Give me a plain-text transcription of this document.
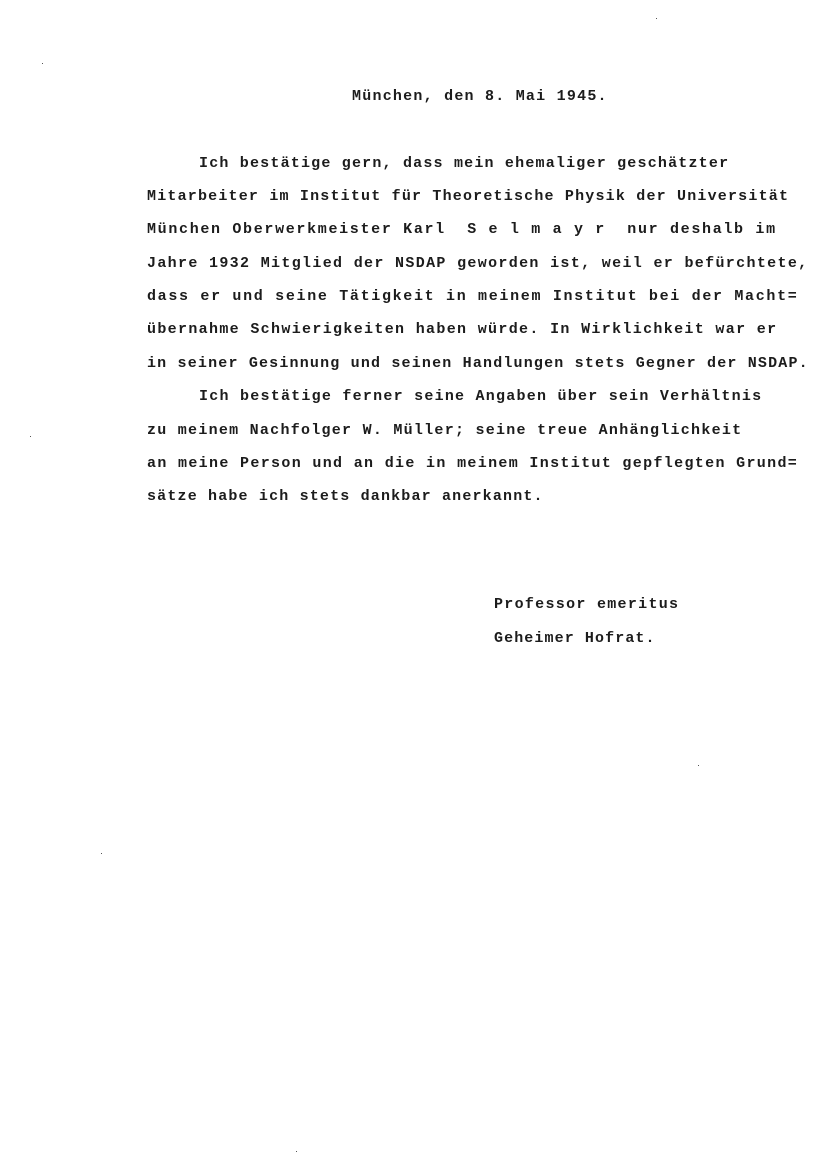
München, den 8. Mai 1945.
Ich bestätige gern, dass mein ehemaliger geschätzter
Mitarbeiter im Institut für Theoretische Physik der Universität
München Oberwerkmeister Karl  S e l m a y r  nur deshalb im
Jahre 1932 Mitglied der NSDAP geworden ist, weil er befürchtete,
dass er und seine Tätigkeit in meinem Institut bei der Macht=
übernahme Schwierigkeiten haben würde. In Wirklichkeit war er
in seiner Gesinnung und seinen Handlungen stets Gegner der NSDAP.
Ich bestätige ferner seine Angaben über sein Verhältnis
zu meinem Nachfolger W. Müller; seine treue Anhänglichkeit
an meine Person und an die in meinem Institut gepflegten Grund=
sätze habe ich stets dankbar anerkannt.
Professor emeritus
Geheimer Hofrat.
